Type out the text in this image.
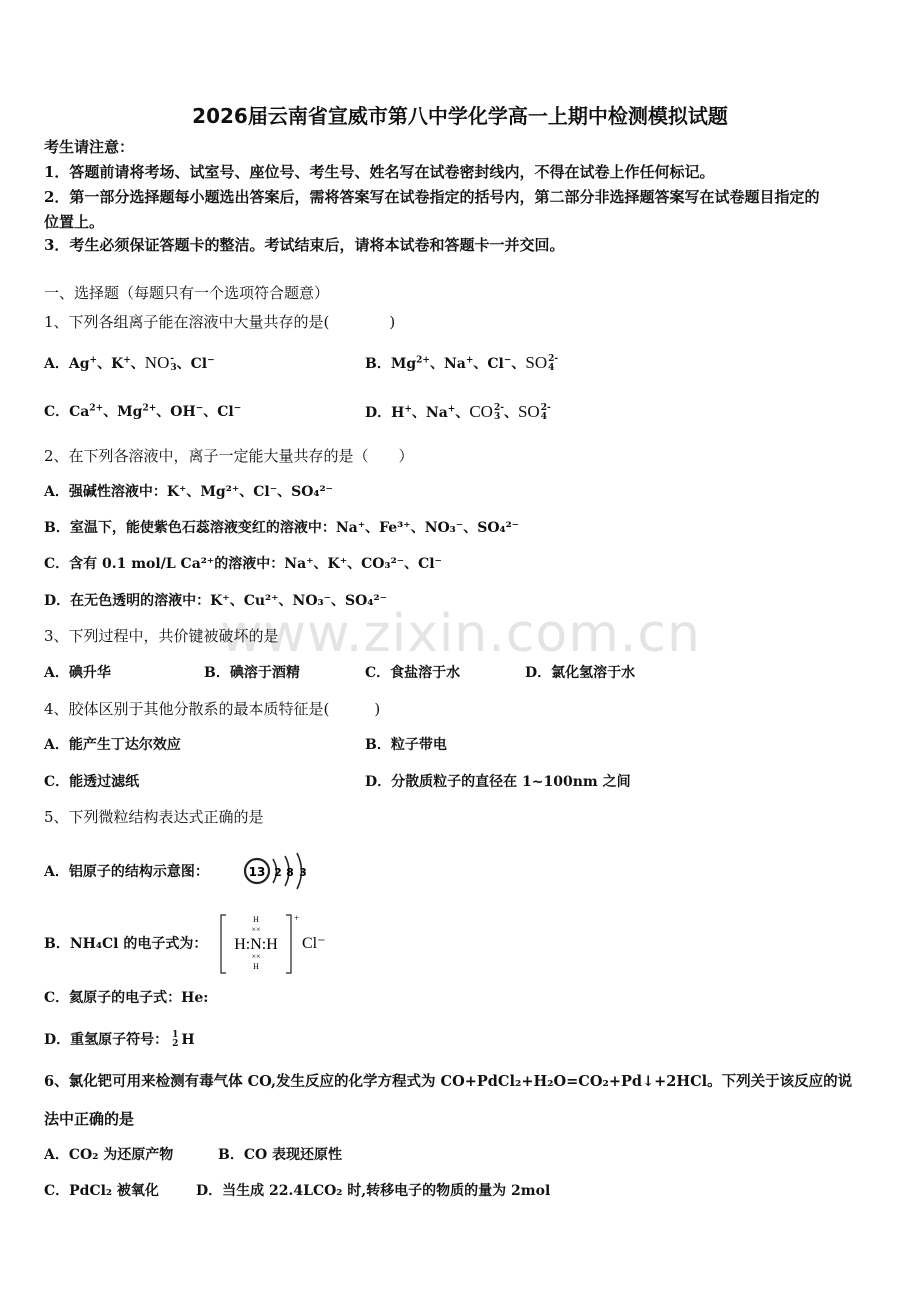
www.zixin.com.cn
2026届云南省宣威市第八中学化学高一上期中检测模拟试题
考生请注意：
1．答题前请将考场、试室号、座位号、考生号、姓名写在试卷密封线内，不得在试卷上作任何标记。
2．第一部分选择题每小题选出答案后，需将答案写在试卷指定的括号内，第二部分非选择题答案写在试卷题目指定的
位置上。
3．考生必须保证答题卡的整洁。考试结束后，请将本试卷和答题卡一并交回。
一、选择题（每题只有一个选项符合题意）
1、下列各组离子能在溶液中大量共存的是(　　　　)
A．Ag+、K+、NO -
3 、Cl−	B．$Mg^{2+}$、Na+、Cl−、SO 2-
4
C．$Ca^{2+}$、$Mg^{2+}$、OH−、Cl−	D．H+、Na+、CO 2-
3 、SO 2-
4
2、在下列各溶液中，离子一定能大量共存的是（　　）
A．强碱性溶液中：K⁺、Mg²⁺、Cl⁻、SO₄²⁻
B．室温下，能使紫色石蕊溶液变红的溶液中：Na⁺、Fe³⁺、NO₃⁻、SO₄²⁻
C．含有 0.1 mol/L Ca²⁺的溶液中：Na⁺、K⁺、CO₃²⁻、Cl⁻
D．在无色透明的溶液中：K⁺、Cu²⁺、NO₃⁻、SO₄²⁻
3、下列过程中，共价键被破坏的是
A．碘升华	B．碘溶于酒精	C．食盐溶于水	D．氯化氢溶于水
4、胶体区别于其他分散系的最本质特征是(　　　)
A．能产生丁达尔效应	B．粒子带电
C．能透过滤纸	D．分散质粒子的直径在 1~100nm 之间
5、下列微粒结构表达式正确的是
A．铝原子的结构示意图：	13 2 8 3
B．NH₄Cl 的电子式为：
H
××
H:N:H
××
H
+
Cl⁻
C．氦原子的电子式：He:
D．重氢原子符号： 1
2 H
6、氯化钯可用来检测有毒气体 CO,发生反应的化学方程式为 CO+PdCl₂+H₂O=CO₂+Pd↓+2HCl。下列关于该反应的说
法中正确的是
A．CO₂ 为还原产物	B．CO 表现还原性
C．PdCl₂ 被氧化	D．当生成 22.4LCO₂ 时,转移电子的物质的量为 2mol
